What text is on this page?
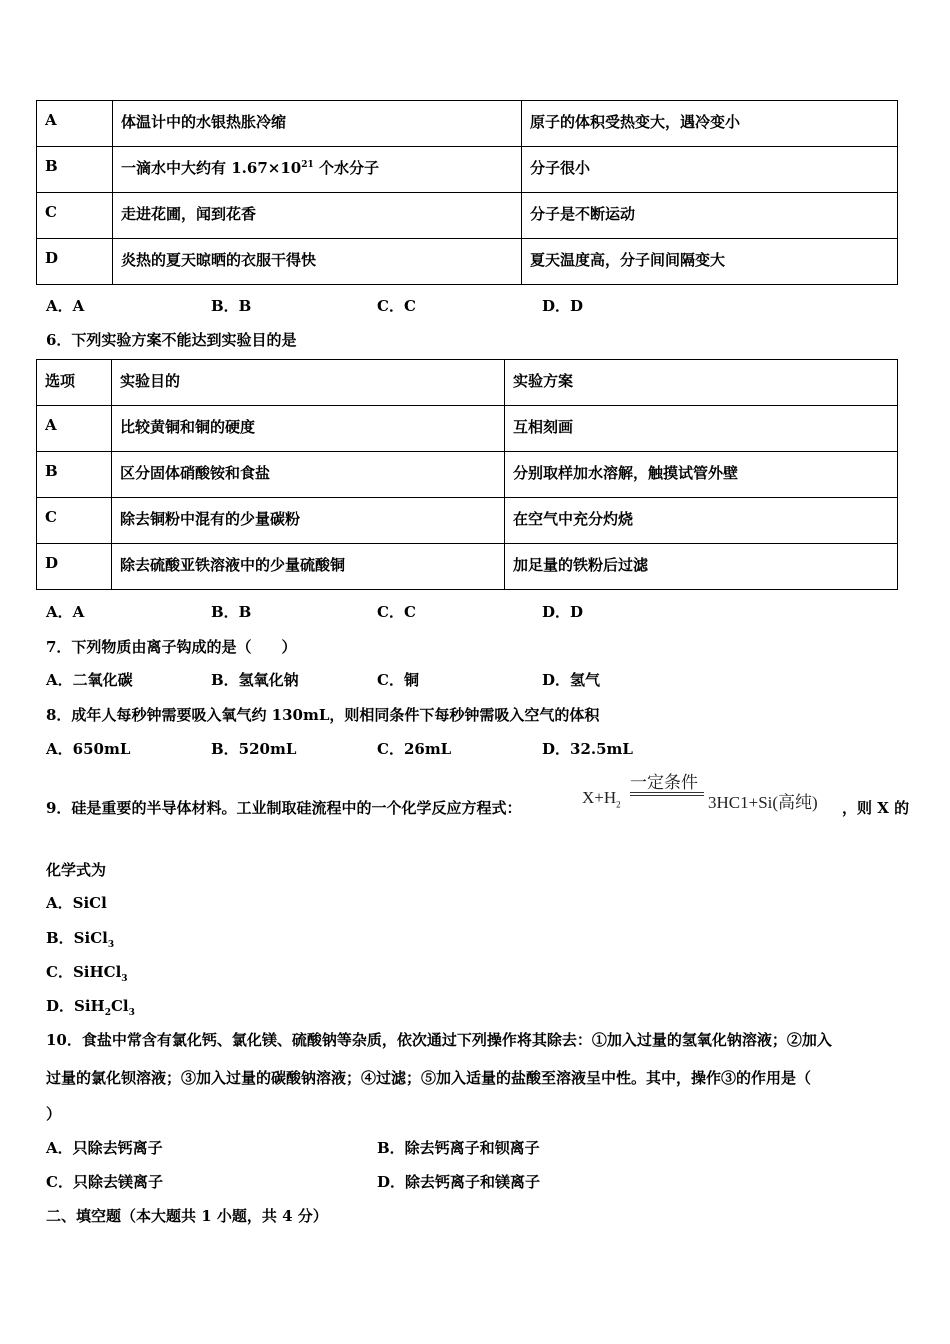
A	体温计中的水银热胀冷缩	原子的体积受热变大，遇冷变小
B	一滴水中大约有 $1.67\times 10^{21}$ 个水分子	分子很小
C	走进花圃，闻到花香	分子是不断运动
D	炎热的夏天晾晒的衣服干得快	夏天温度高，分子间间隔变大
A．A	B．B	C．C	D．D
6．下列实验方案不能达到实验目的是
选项	实验目的	实验方案
A	比较黄铜和铜的硬度	互相刻画
B	区分固体硝酸铵和食盐	分别取样加水溶解，触摸试管外壁
C	除去铜粉中混有的少量碳粉	在空气中充分灼烧
D	除去硫酸亚铁溶液中的少量硫酸铜	加足量的铁粉后过滤
A．A	B．B	C．C	D．D
7．下列物质由离子钩成的是（　　）
A．二氧化碳	B．氢氧化钠	C．铜	D．氢气
8．成年人每秒钟需要吸入氧气约 130mL，则相同条件下每秒钟需吸入空气的体积
A．650mL	B．520mL	C．26mL	D．32.5mL
9．硅是重要的半导体材料。工业制取硅流程中的一个化学反应方程式：
一定条件
$X+H_2$	3HC1+Si(高纯) ，则 X 的
化学式为
A．SiCl
B．SiCl$_3$
C．SiHCl$_3$
D．$SiH_2Cl_3$
10．食盐中常含有氯化钙、氯化镁、硫酸钠等杂质，依次通过下列操作将其除去：①加入过量的氢氧化钠溶液；②加入
过量的氯化钡溶液；③加入过量的碳酸钠溶液；④过滤；⑤加入适量的盐酸至溶液呈中性。其中，操作③的作用是（
）
A．只除去钙离子	B．除去钙离子和钡离子
C．只除去镁离子	D．除去钙离子和镁离子
二、填空题（本大题共 1 小题，共 4 分）
